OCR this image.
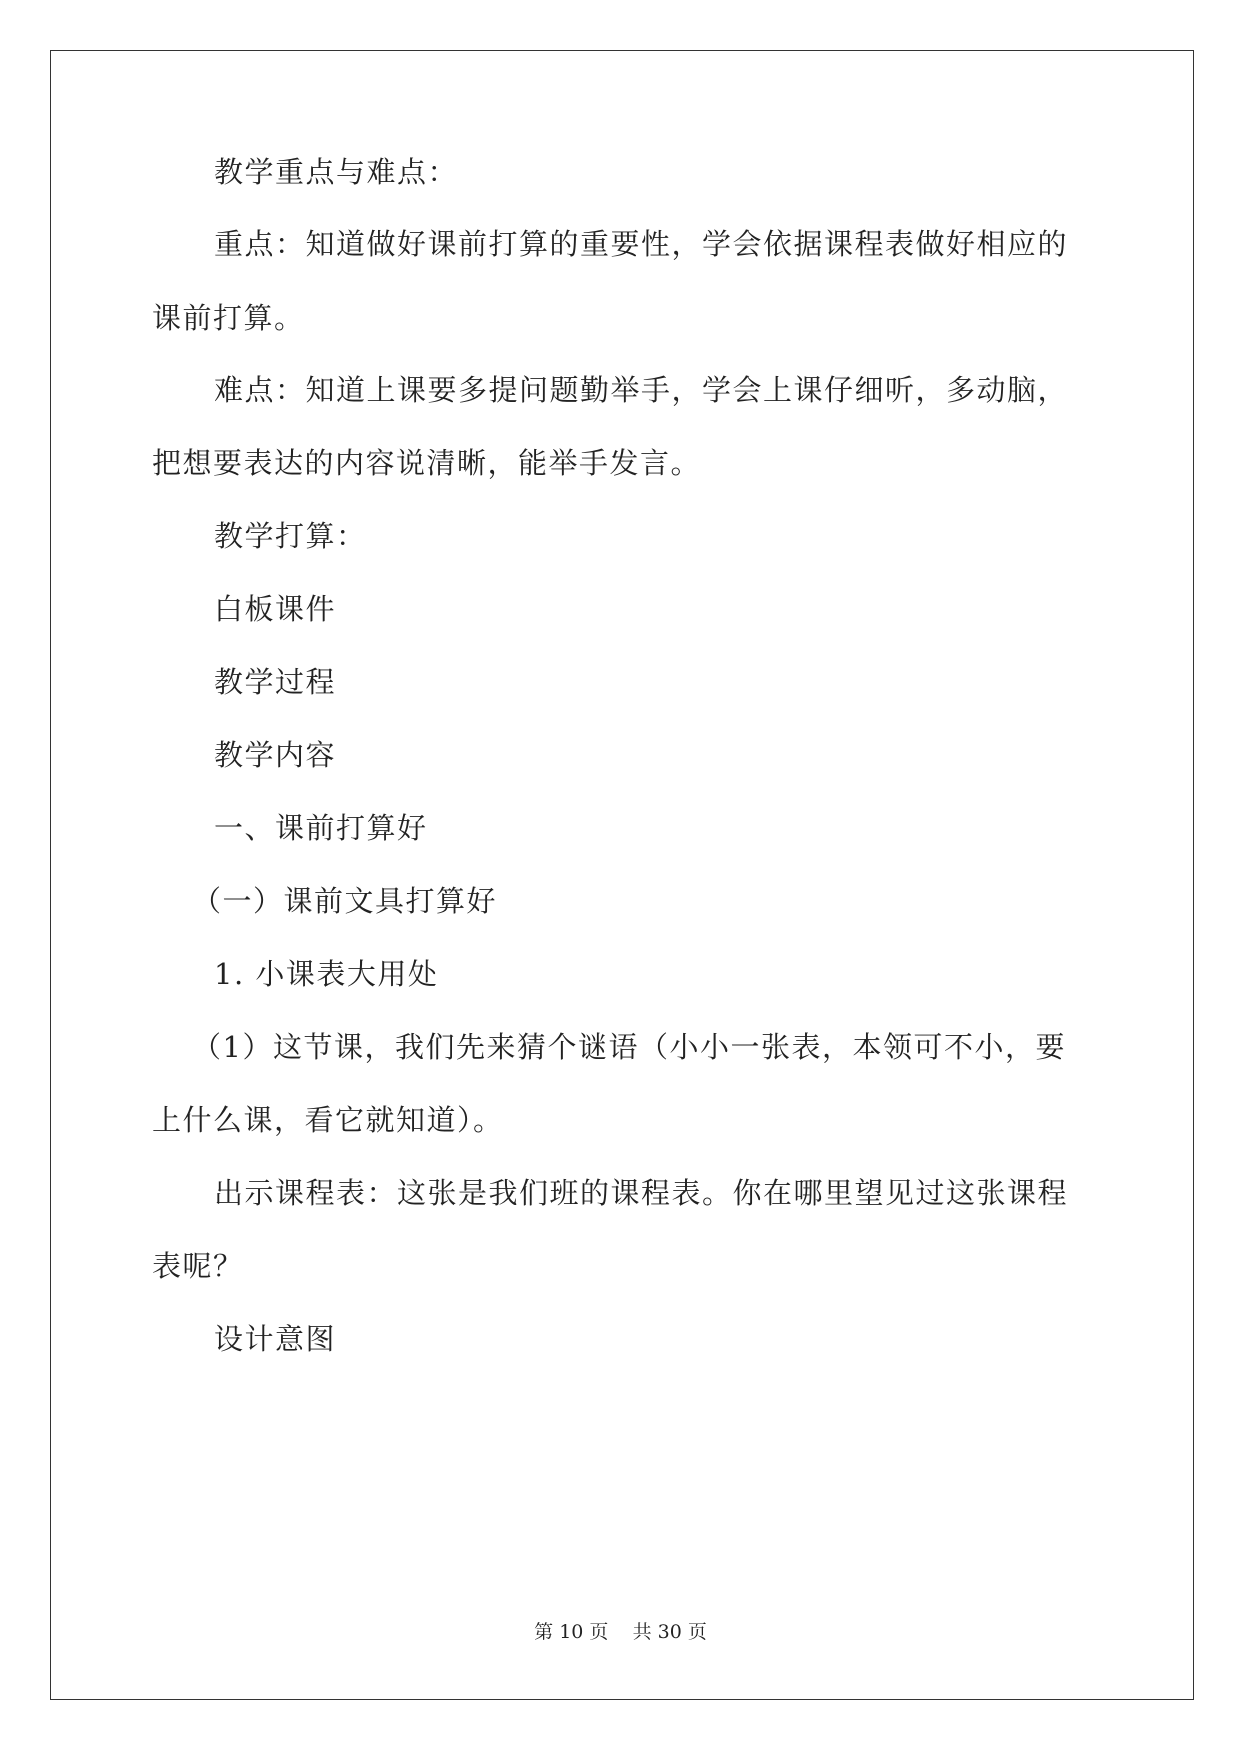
教学重点与难点：
重点：知道做好课前打算的重要性，学会依据课程表做好相应的
课前打算。
难点：知道上课要多提问题勤举手，学会上课仔细听，多动脑，
把想要表达的内容说清晰，能举手发言。
教学打算：
白板课件
教学过程
教学内容
一、课前打算好
（一）课前文具打算好
1. 小课表大用处
（1）这节课，我们先来猜个谜语（小小一张表，本领可不小，要
上什么课，看它就知道）。
出示课程表：这张是我们班的课程表。你在哪里望见过这张课程
表呢？
设计意图
第 10 页    共 30 页
